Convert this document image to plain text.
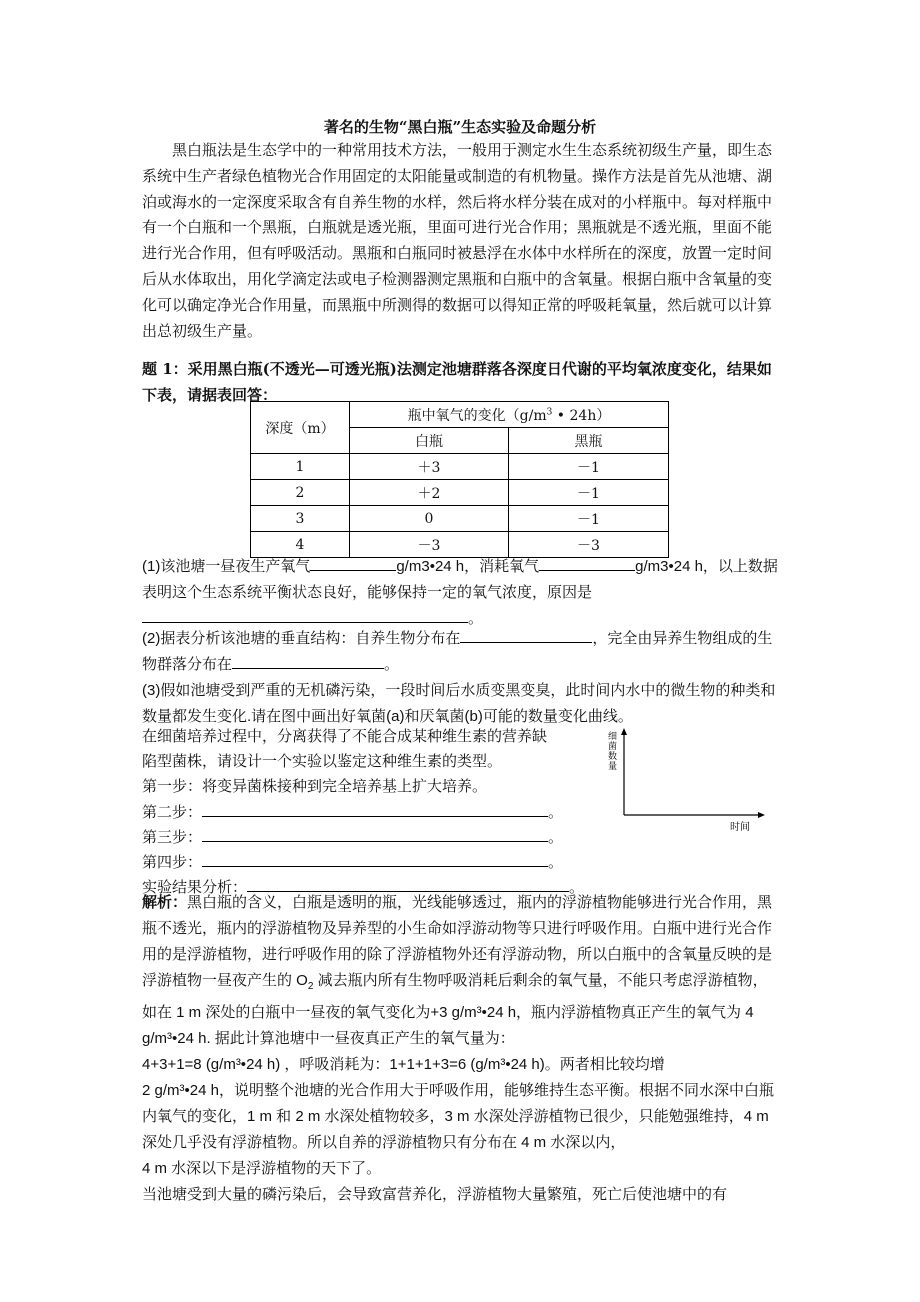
著名的生物“黑白瓶”生态实验及命题分析

黑白瓶法是生态学中的一种常用技术方法，一般用于测定水生生态系统初级生产量，即生态系统中生产者绿色植物光合作用固定的太阳能量或制造的有机物量。操作方法是首先从池塘、湖泊或海水的一定深度采取含有自养生物的水样，然后将水样分装在成对的小样瓶中。每对样瓶中有一个白瓶和一个黑瓶，白瓶就是透光瓶，里面可进行光合作用；黑瓶就是不透光瓶，里面不能进行光合作用，但有呼吸活动。黑瓶和白瓶同时被悬浮在水体中水样所在的深度，放置一定时间后从水体取出，用化学滴定法或电子检测器测定黑瓶和白瓶中的含氧量。根据白瓶中含氧量的变化可以确定净光合作用量，而黑瓶中所测得的数据可以得知正常的呼吸耗氧量，然后就可以计算出总初级生产量。

题 1：采用黑白瓶(不透光—可透光瓶)法测定池塘群落各深度日代谢的平均氧浓度变化，结果如下表，请据表回答：

深度（m）	瓶中氧气的变化（$g/m^3$ • 24h）	
	白瓶	黑瓶
1	＋3	－1
2	＋2	－1
3	0	－1
4	－3	－3

(1)该池塘一昼夜生产氧气	g/m3•24 h，消耗氧气	g/m3•24 h，以上数据表明这个生态系统平衡状态良好，能够保持一定的氧气浓度，原因是
。

(2)据表分析该池塘的垂直结构：自养生物分布在	，完全由异养生物组成的生物群落分布在	。

(3)假如池塘受到严重的无机磷污染，一段时间后水质变黑变臭，此时间内水中的微生物的种类和数量都发生变化.请在图中画出好氧菌(a)和厌氧菌(b)可能的数量变化曲线。

在细菌培养过程中，分离获得了不能合成某种维生素的营养缺
陷型菌株，请设计一个实验以鉴定这种维生素的类型。
第一步：将变异菌株接种到完全培养基上扩大培养。
第二步：	。
第三步：	。
第四步：	。
实验结果分析：	。
细菌数量
时间

解析：黑白瓶的含义，白瓶是透明的瓶，光线能够透过，瓶内的浮游植物能够进行光合作用，黑瓶不透光，瓶内的浮游植物及异养型的小生命如浮游动物等只进行呼吸作用。白瓶中进行光合作用的是浮游植物，进行呼吸作用的除了浮游植物外还有浮游动物，所以白瓶中的含氧量反映的是浮游植物一昼夜产生的 $O_2$ 减去瓶内所有生物呼吸消耗后剩余的氧气量，不能只考虑浮游植物，如在 1 m 深处的白瓶中一昼夜的氧气变化为+3 g/m³•24 h，瓶内浮游植物真正产生的氧气为 4 g/m³•24 h. 据此计算池塘中一昼夜真正产生的氧气量为：
4+3+1=8 (g/m³•24 h) ，呼吸消耗为：1+1+1+3=6 (g/m³•24 h)。两者相比较均增
2 g/m³•24 h，说明整个池塘的光合作用大于呼吸作用，能够维持生态平衡。根据不同水深中白瓶内氧气的变化，1 m 和 2 m 水深处植物较多，3 m 水深处浮游植物已很少，只能勉强维持，4 m 深处几乎没有浮游植物。所以自养的浮游植物只有分布在 4 m 水深以内，
4 m 水深以下是浮游植物的天下了。
当池塘受到大量的磷污染后，会导致富营养化，浮游植物大量繁殖，死亡后使池塘中的有
